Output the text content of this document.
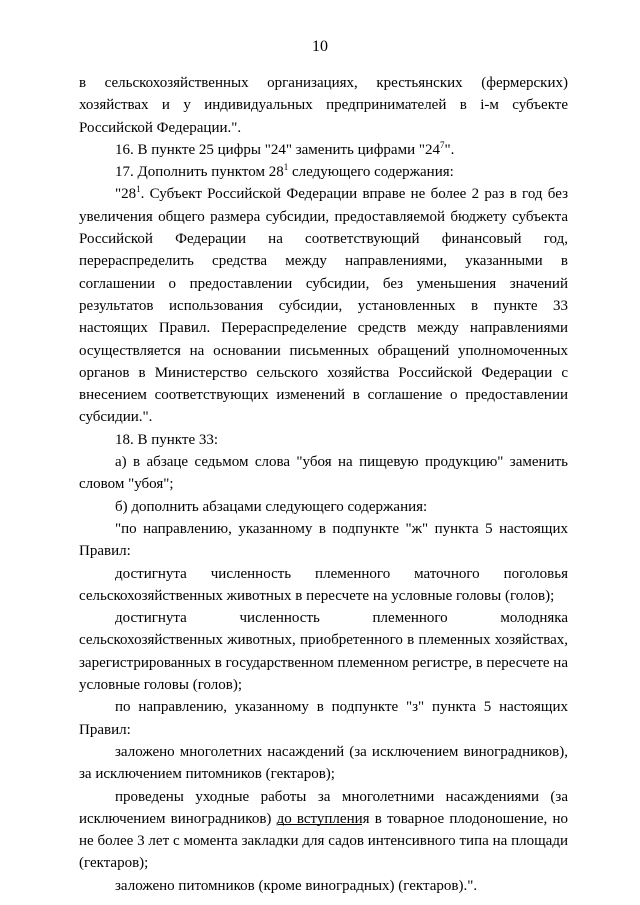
10

в сельскохозяйственных организациях, крестьянских (фермерских) хозяйствах и у индивидуальных предпринимателей в i-м субъекте Российской Федерации.".

16. В пункте 25 цифры "24" заменить цифрами "$24^7$".

17. Дополнить пунктом $28^1$ следующего содержания:

"$28^1$. Субъект Российской Федерации вправе не более 2 раз в год без увеличения общего размера субсидии, предоставляемой бюджету субъекта Российской Федерации на соответствующий финансовый год, перераспределить средства между направлениями, указанными в соглашении о предоставлении субсидии, без уменьшения значений результатов использования субсидии, установленных в пункте 33 настоящих Правил. Перераспределение средств между направлениями осуществляется на основании письменных обращений уполномоченных органов в Министерство сельского хозяйства Российской Федерации с внесением соответствующих изменений в соглашение о предоставлении субсидии.".

18. В пункте 33:

а) в абзаце седьмом слова "убоя на пищевую продукцию" заменить словом "убоя";

б) дополнить абзацами следующего содержания:

"по направлению, указанному в подпункте "ж" пункта 5 настоящих Правил:

достигнута численность племенного маточного поголовья сельскохозяйственных животных в пересчете на условные головы (голов);

достигнута численность племенного молодняка сельскохозяйственных животных, приобретенного в племенных хозяйствах, зарегистрированных в государственном племенном регистре, в пересчете на условные головы (голов);

по направлению, указанному в подпункте "з" пункта 5 настоящих Правил:

заложено многолетних насаждений (за исключением виноградников), за исключением питомников (гектаров);

проведены уходные работы за многолетними насаждениями (за исключением виноградников) до вступления в товарное плодоношение, но не более 3 лет с момента закладки для садов интенсивного типа на площади (гектаров);

заложено питомников (кроме виноградных) (гектаров).".
